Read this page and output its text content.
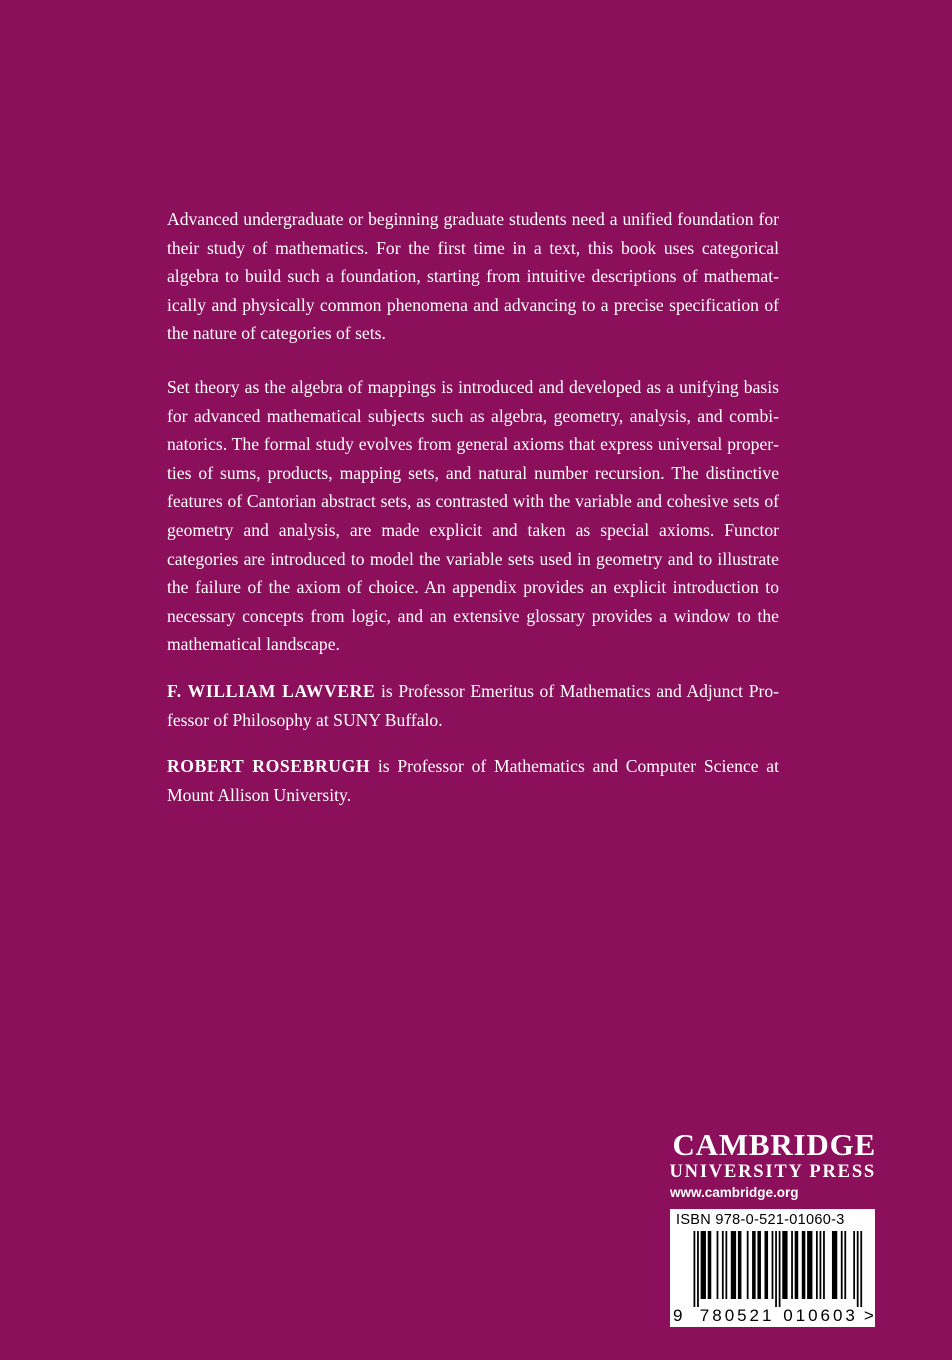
Advanced undergraduate or beginning graduate students need a unified foundation for their study of mathematics. For the first time in a text, this book uses categorical algebra to build such a foundation, starting from intuitive descriptions of mathematically and physically common phenomena and advancing to a precise specification of the nature of categories of sets.

Set theory as the algebra of mappings is introduced and developed as a unifying basis for advanced mathematical subjects such as algebra, geometry, analysis, and combinatorics. The formal study evolves from general axioms that express universal properties of sums, products, mapping sets, and natural number recursion. The distinctive features of Cantorian abstract sets, as contrasted with the variable and cohesive sets of geometry and analysis, are made explicit and taken as special axioms. Functor categories are introduced to model the variable sets used in geometry and to illustrate the failure of the axiom of choice. An appendix provides an explicit introduction to necessary concepts from logic, and an extensive glossary provides a window to the mathematical landscape.

F. WILLIAM LAWVERE is Professor Emeritus of Mathematics and Adjunct Professor of Philosophy at SUNY Buffalo.

ROBERT ROSEBRUGH is Professor of Mathematics and Computer Science at Mount Allison University.

CAMBRIDGE
UNIVERSITY PRESS
www.cambridge.org
ISBN 978-0-521-01060-3
9 7 8 0 5 2 1 0 1 0 6 0 3 >
